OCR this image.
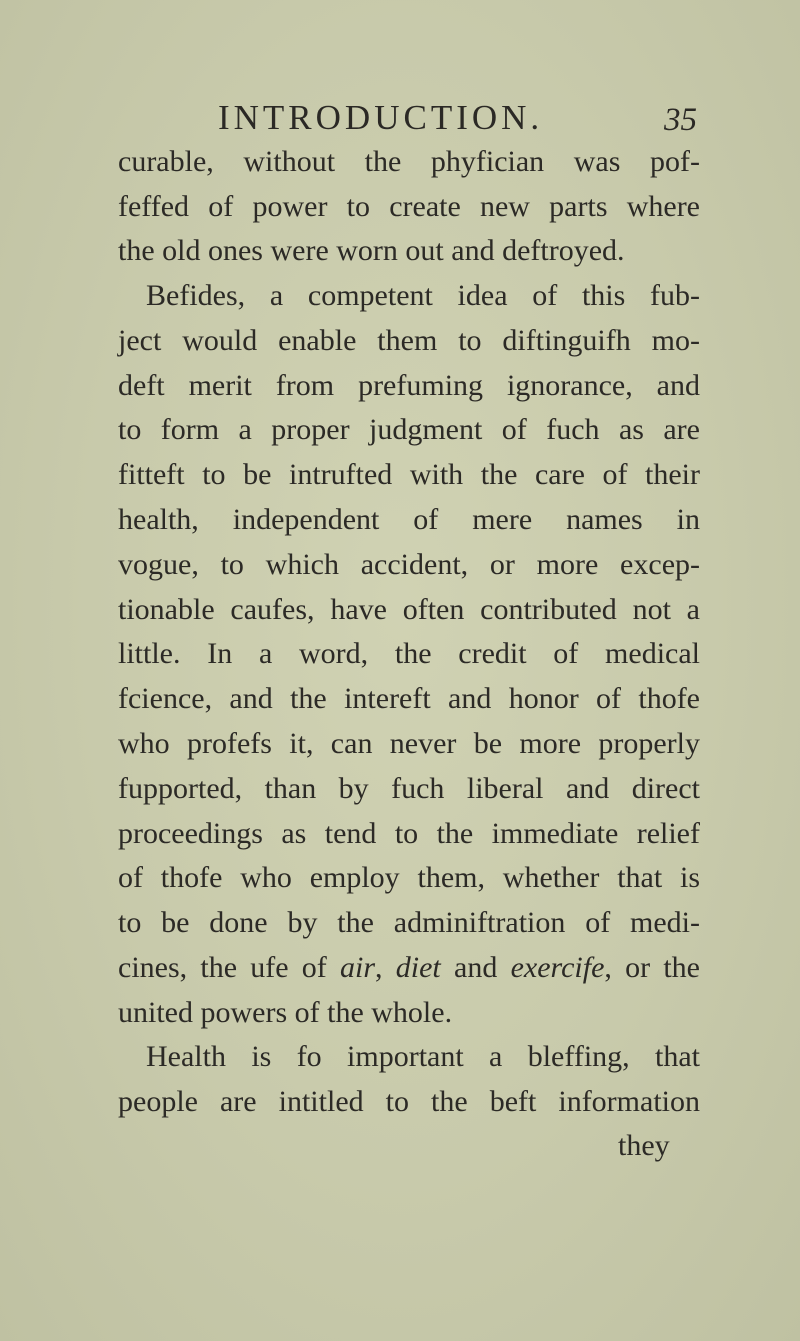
INTRODUCTION.	35
curable, without the phyfician was pof-
feffed of power to create new parts where
the old ones were worn out and deftroyed.
Befides, a competent idea of this fub-
ject would enable them to diftinguifh mo-
deft merit from prefuming ignorance, and
to form a proper judgment of fuch as are
fitteft to be intrufted with the care of their
health, independent of mere names in
vogue, to which accident, or more excep-
tionable caufes, have often contributed not a
little. In a word, the credit of medical
fcience, and the intereft and honor of thofe
who profefs it, can never be more properly
fupported, than by fuch liberal and direct
proceedings as tend to the immediate relief
of thofe who employ them, whether that is
to be done by the adminiftration of medi-
cines, the ufe of air, diet and exercife, or the
united powers of the whole.
Health is fo important a bleffing, that
people are intitled to the beft information
they
